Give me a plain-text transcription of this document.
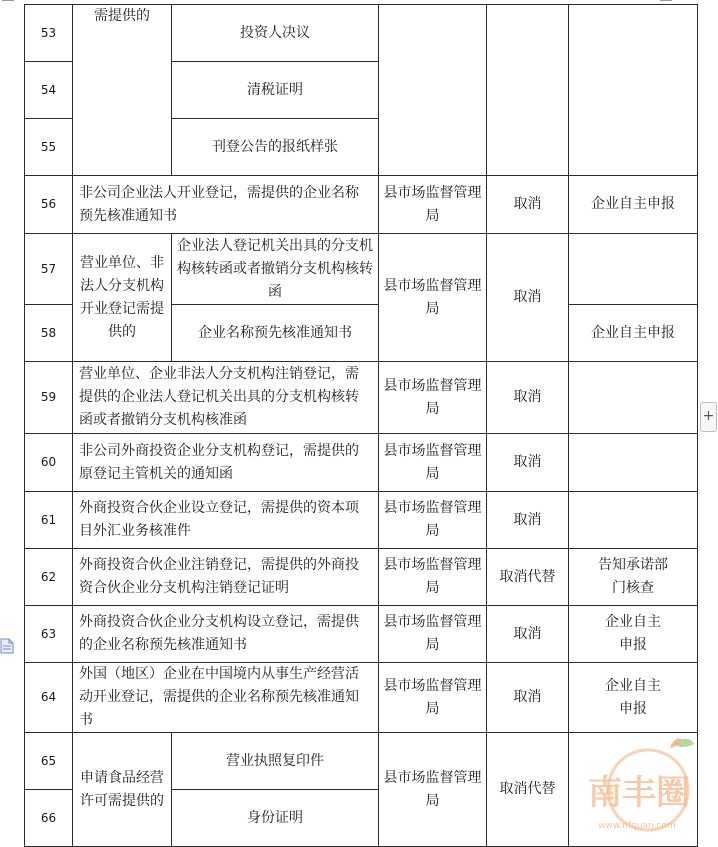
53	需提供的	投资人决议			
54		清税证明			
55		刊登公告的报纸样张			
56	非公司企业法人开业登记，需提供的企业名称预先核准通知书		县市场监督管理局	取消	企业自主申报
57	营业单位、非法人分支机构开业登记需提供的	企业法人登记机关出具的分支机构核转函或者撤销分支机构核转函	县市场监督管理局	取消	
58		企业名称预先核准通知书			企业自主申报
59	营业单位、企业非法人分支机构注销登记，需提供的企业法人登记机关出具的分支机构核转函或者撤销分支机构核准函		县市场监督管理局	取消	
60	非公司外商投资企业分支机构登记，需提供的原登记主管机关的通知函		县市场监督管理局	取消	
61	外商投资合伙企业设立登记，需提供的资本项目外汇业务核准件		县市场监督管理局	取消	
62	外商投资合伙企业注销登记，需提供的外商投资合伙企业分支机构注销登记证明		县市场监督管理局	取消代替	告知承诺部门核查
63	外商投资合伙企业分支机构设立登记，需提供的企业名称预先核准通知书		县市场监督管理局	取消	企业自主申报
64	外国（地区）企业在中国境内从事生产经营活动开业登记，需提供的企业名称预先核准通知书		县市场监督管理局	取消	企业自主申报
65	申请食品经营许可需提供的	营业执照复印件	县市场监督管理局	取消代替	
66		身份证明			
+
南丰圈
www.nfquan.com
